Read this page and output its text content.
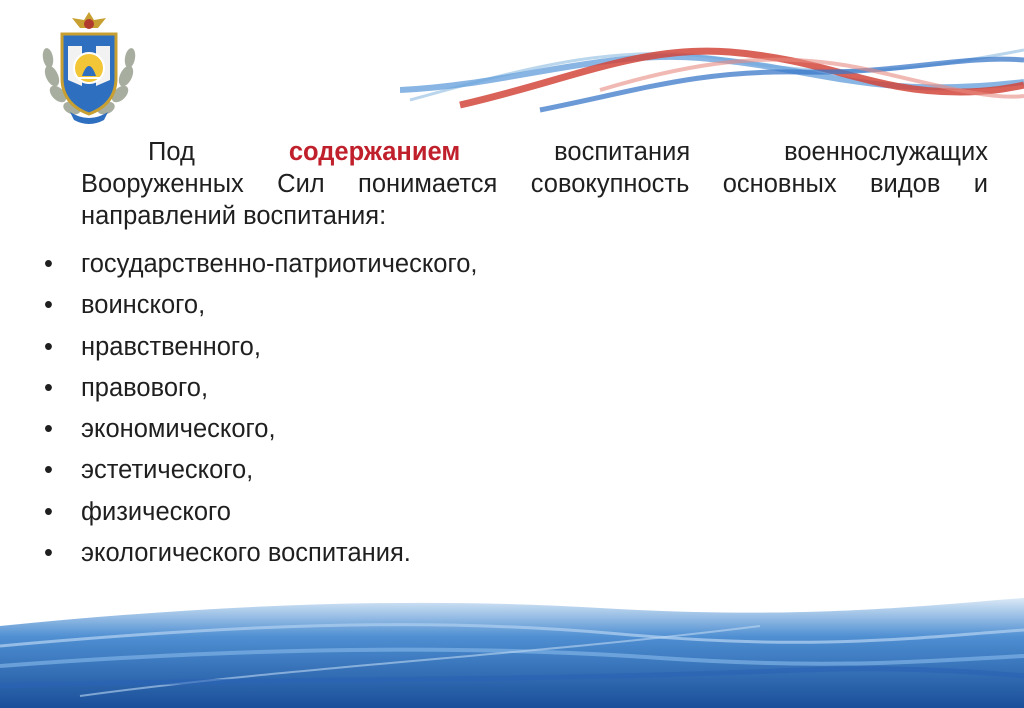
Под	содержанием	воспитания	военнослужащих
Вооруженных Сил понимается совокупность основных видов и направлений воспитания:
• государственно-патриотического,
• воинского,
• нравственного,
• правового,
• экономического,
• эстетического,
• физического
• экологического воспитания.
